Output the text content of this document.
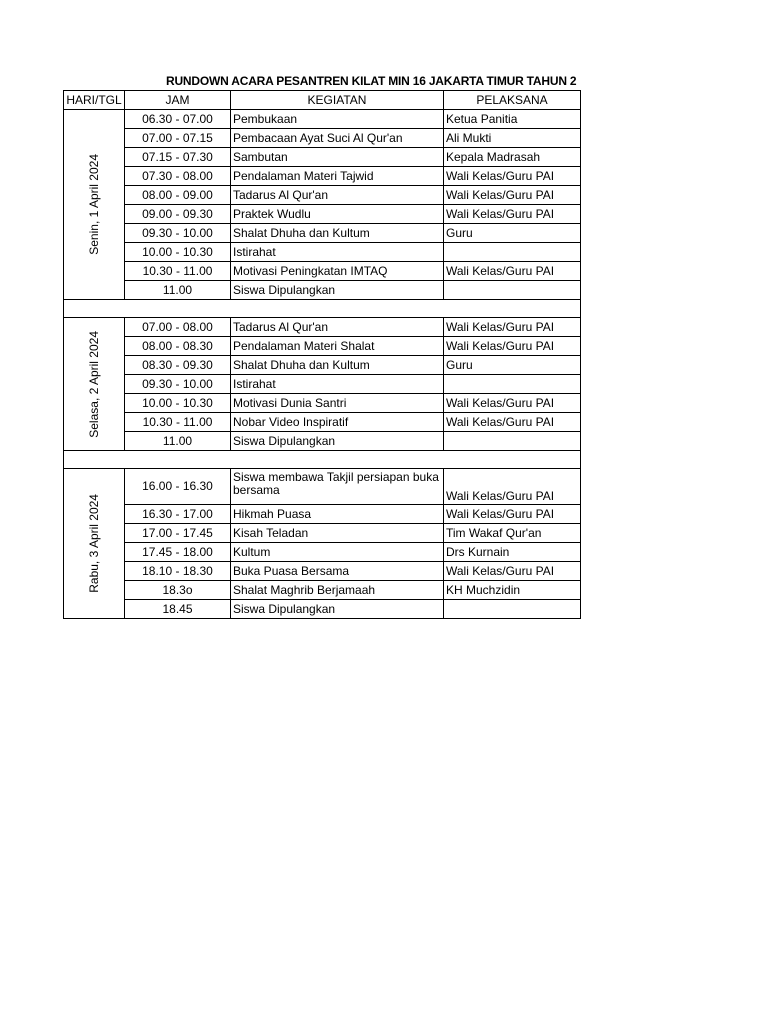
RUNDOWN ACARA PESANTREN KILAT MIN 16 JAKARTA TIMUR TAHUN 2
HARI/TGL	JAM	KEGIATAN	PELAKSANA

Senin, 1 April 2024	06.30 - 07.00	Pembukaan	Ketua Panitia
	07.00 - 07.15	Pembacaan Ayat Suci Al Qur'an	Ali Mukti
	07.15 - 07.30	Sambutan	Kepala Madrasah
	07.30 - 08.00	Pendalaman Materi Tajwid	Wali Kelas/Guru PAI
	08.00 - 09.00	Tadarus Al Qur'an	Wali Kelas/Guru PAI
	09.00 - 09.30	Praktek Wudlu	Wali Kelas/Guru PAI
	09.30 - 10.00	Shalat Dhuha dan Kultum	Guru
	10.00 - 10.30	Istirahat	
	10.30 - 11.00	Motivasi Peningkatan IMTAQ	Wali Kelas/Guru PAI
	11.00	Siswa Dipulangkan	

Selasa, 2 April 2024	07.00 - 08.00	Tadarus Al Qur'an	Wali Kelas/Guru PAI
	08.00 - 08.30	Pendalaman Materi Shalat	Wali Kelas/Guru PAI
	08.30 - 09.30	Shalat Dhuha dan Kultum	Guru
	09.30 - 10.00	Istirahat	
	10.00 - 10.30	Motivasi Dunia Santri	Wali Kelas/Guru PAI
	10.30 - 11.00	Nobar Video Inspiratif	Wali Kelas/Guru PAI
	11.00	Siswa Dipulangkan	

Rabu, 3 April 2024	16.00 - 16.30	Siswa membawa Takjil persiapan buka bersama	Wali Kelas/Guru PAI
	16.30 - 17.00	Hikmah Puasa	Wali Kelas/Guru PAI
	17.00 - 17.45	Kisah Teladan	Tim Wakaf Qur'an
	17.45 - 18.00	Kultum	Drs Kurnain
	18.10 - 18.30	Buka Puasa Bersama	Wali Kelas/Guru PAI
	18.3o	Shalat Maghrib Berjamaah	KH Muchzidin
	18.45	Siswa Dipulangkan	
